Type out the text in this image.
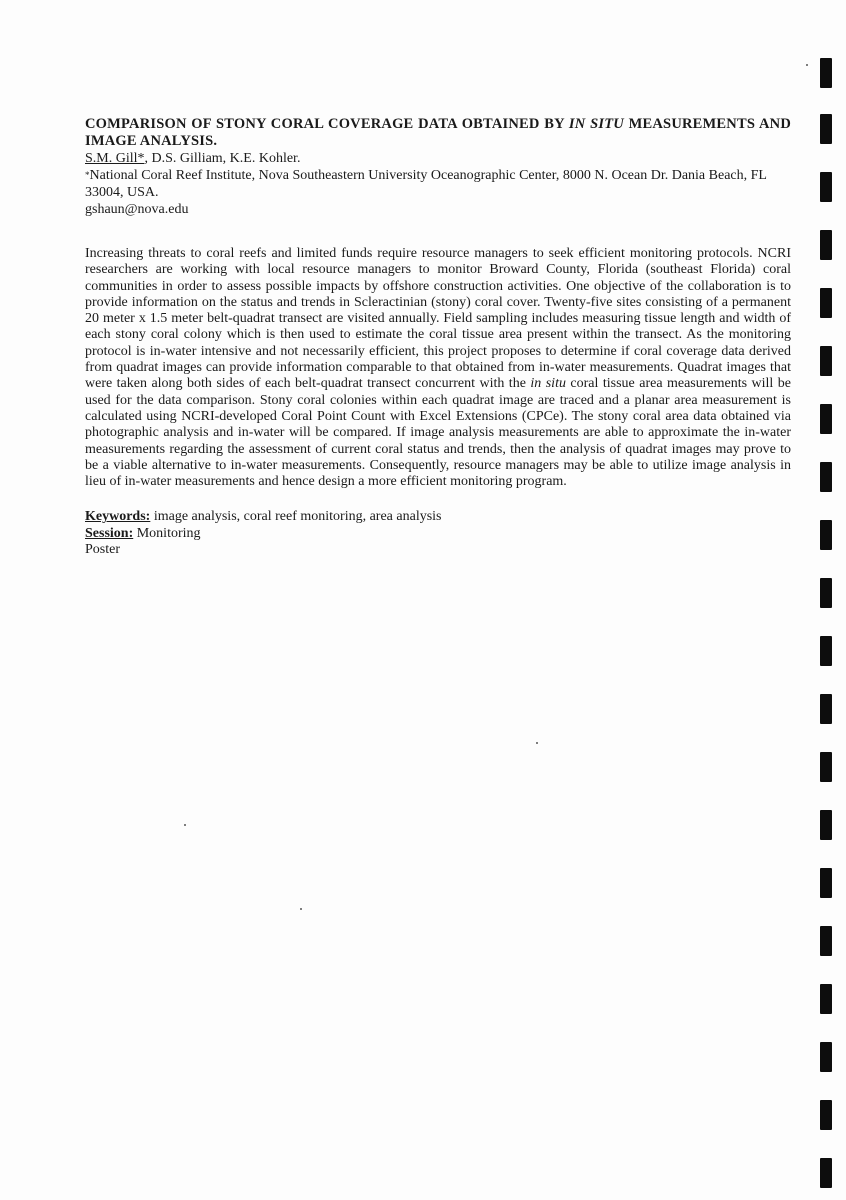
COMPARISON OF STONY CORAL COVERAGE DATA OBTAINED BY IN SITU MEASUREMENTS AND IMAGE ANALYSIS.

S.M. Gill*, D.S. Gilliam, K.E. Kohler.

*National Coral Reef Institute, Nova Southeastern University Oceanographic Center, 8000 N. Ocean Dr. Dania Beach, FL 33004, USA.

gshaun@nova.edu

Increasing threats to coral reefs and limited funds require resource managers to seek efficient monitoring protocols. NCRI researchers are working with local resource managers to monitor Broward County, Florida (southeast Florida) coral communities in order to assess possible impacts by offshore construction activities. One objective of the collaboration is to provide information on the status and trends in Scleractinian (stony) coral cover. Twenty-five sites consisting of a permanent 20 meter x 1.5 meter belt-quadrat transect are visited annually. Field sampling includes measuring tissue length and width of each stony coral colony which is then used to estimate the coral tissue area present within the transect. As the monitoring protocol is in-water intensive and not necessarily efficient, this project proposes to determine if coral coverage data derived from quadrat images can provide information comparable to that obtained from in-water measurements. Quadrat images that were taken along both sides of each belt-quadrat transect concurrent with the in situ coral tissue area measurements will be used for the data comparison. Stony coral colonies within each quadrat image are traced and a planar area measurement is calculated using NCRI-developed Coral Point Count with Excel Extensions (CPCe). The stony coral area data obtained via photographic analysis and in-water will be compared. If image analysis measurements are able to approximate the in-water measurements regarding the assessment of current coral status and trends, then the analysis of quadrat images may prove to be a viable alternative to in-water measurements. Consequently, resource managers may be able to utilize image analysis in lieu of in-water measurements and hence design a more efficient monitoring program.

Keywords: image analysis, coral reef monitoring, area analysis

Session: Monitoring

Poster
